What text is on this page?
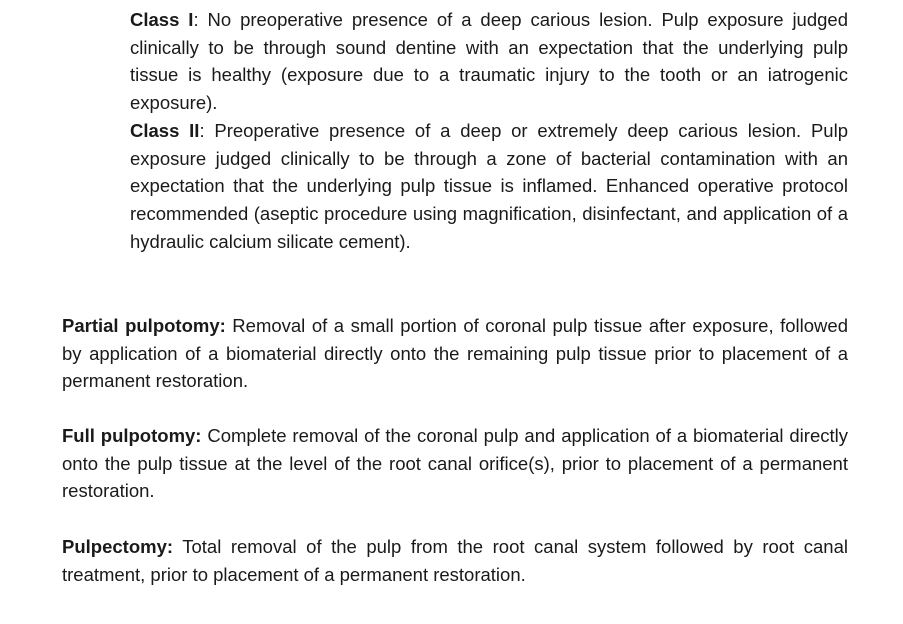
Class I: No preoperative presence of a deep carious lesion. Pulp exposure judged clinically to be through sound dentine with an expectation that the underlying pulp tissue is healthy (exposure due to a traumatic injury to the tooth or an iatrogenic exposure).

Class II: Preoperative presence of a deep or extremely deep carious lesion. Pulp exposure judged clinically to be through a zone of bacterial contamination with an expectation that the underlying pulp tissue is inflamed. Enhanced operative protocol recommended (aseptic procedure using magnification, disinfectant, and application of a hydraulic calcium silicate cement).

Partial pulpotomy: Removal of a small portion of coronal pulp tissue after exposure, followed by application of a biomaterial directly onto the remaining pulp tissue prior to placement of a permanent restoration.

Full pulpotomy: Complete removal of the coronal pulp and application of a biomaterial directly onto the pulp tissue at the level of the root canal orifice(s), prior to placement of a permanent restoration.

Pulpectomy: Total removal of the pulp from the root canal system followed by root canal treatment, prior to placement of a permanent restoration.
